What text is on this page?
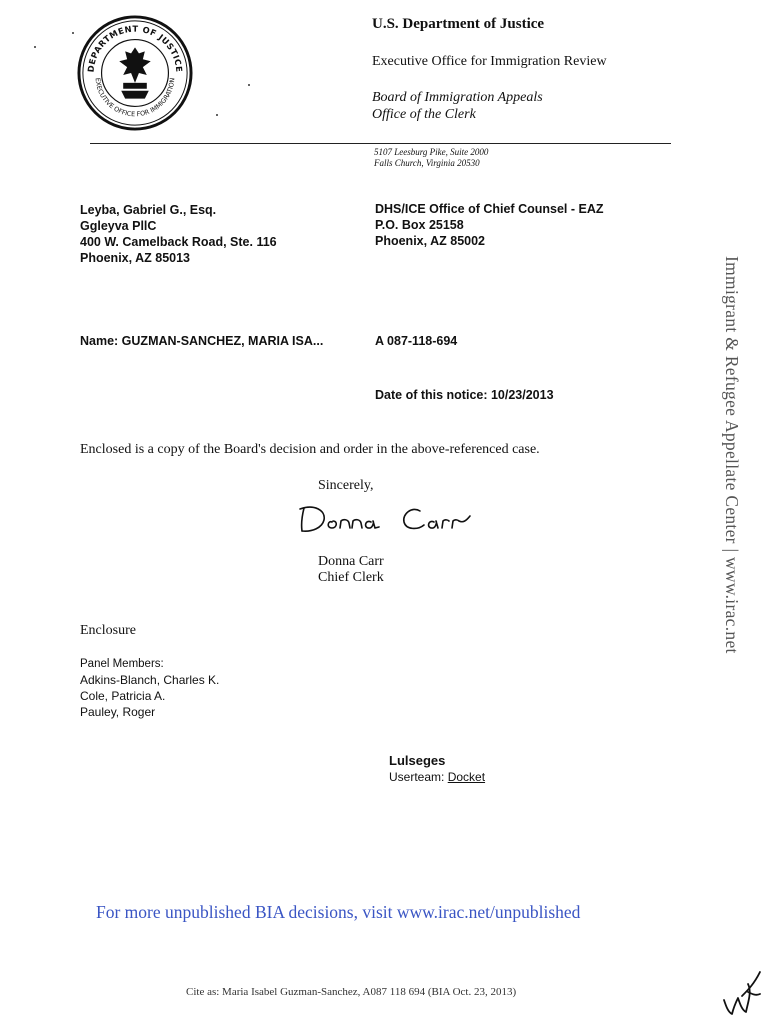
DEPARTMENT OF JUSTICE
EXECUTIVE OFFICE FOR IMMIGRATION
U.S. Department of Justice
Executive Office for Immigration Review
Board of Immigration Appeals
Office of the Clerk
5107 Leesburg Pike, Suite 2000
Falls Church, Virginia 20530
Leyba, Gabriel G., Esq.
Ggleyva PllC
400 W. Camelback Road, Ste. 116
Phoenix, AZ 85013
DHS/ICE Office of Chief Counsel - EAZ
P.O. Box 25158
Phoenix, AZ 85002
Name: GUZMAN-SANCHEZ, MARIA ISA...	A 087-118-694
Date of this notice: 10/23/2013
Enclosed is a copy of the Board's decision and order in the above-referenced case.
Sincerely,
Donna Carr
Chief Clerk
Enclosure
Panel Members:
Adkins-Blanch, Charles K.
Cole, Patricia A.
Pauley, Roger
Lulseges
Userteam: Docket
For more unpublished BIA decisions, visit www.irac.net/unpublished
Cite as: Maria Isabel Guzman-Sanchez, A087 118 694 (BIA Oct. 23, 2013)
Immigrant & Refugee Appellate Center | www.irac.net
